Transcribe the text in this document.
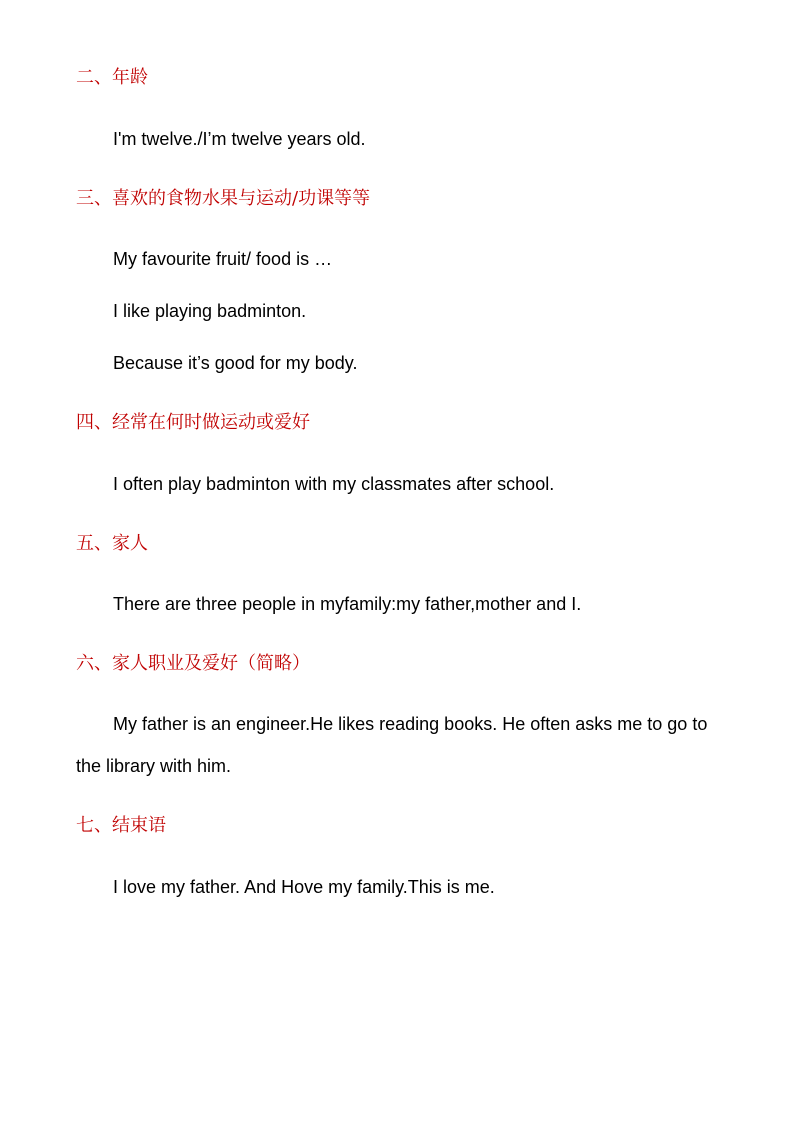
二、年龄
I'm twelve./I’m twelve years old.
三、喜欢的食物水果与运动/功课等等
My favourite fruit/ food is …
I like playing badminton.
Because it’s good for my body.
四、经常在何时做运动或爱好
I often play badminton with my classmates after school.
五、家人
There are three people in myfamily:my father,mother and I.
六、家人职业及爱好（简略）
My father is an engineer.He likes reading books. He often asks me to go to the library with him.
七、结束语
I love my father. And Hove my family.This is me.
